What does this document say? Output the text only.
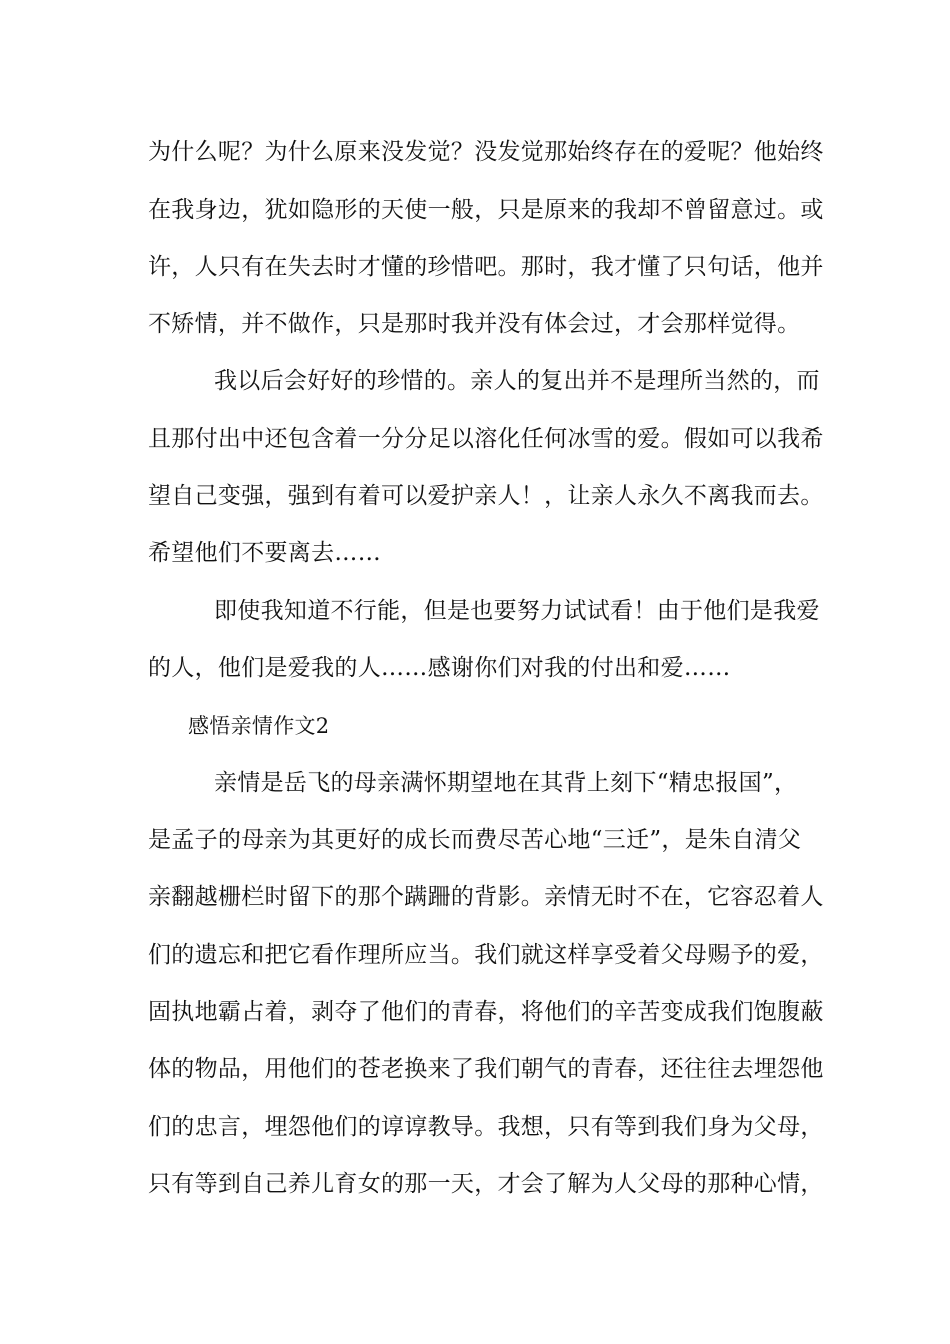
为什么呢？为什么原来没发觉？没发觉那始终存在的爱呢？他始终
在我身边，犹如隐形的天使一般，只是原来的我却不曾留意过。或
许，人只有在失去时才懂的珍惜吧。那时，我才懂了只句话，他并
不矫情，并不做作，只是那时我并没有体会过，才会那样觉得。
我以后会好好的珍惜的。亲人的复出并不是理所当然的，而
且那付出中还包含着一分分足以溶化任何冰雪的爱。假如可以我希
望自己变强，强到有着可以爱护亲人！，让亲人永久不离我而去。
希望他们不要离去……
即使我知道不行能，但是也要努力试试看！由于他们是我爱
的人，他们是爱我的人……感谢你们对我的付出和爱……
感悟亲情作文2
亲情是岳飞的母亲满怀期望地在其背上刻下“精忠报国”，
是孟子的母亲为其更好的成长而费尽苦心地“三迁”，是朱自清父
亲翻越栅栏时留下的那个蹒跚的背影。亲情无时不在，它容忍着人
们的遗忘和把它看作理所应当。我们就这样享受着父母赐予的爱，
固执地霸占着，剥夺了他们的青春，将他们的辛苦变成我们饱腹蔽
体的物品，用他们的苍老换来了我们朝气的青春，还往往去埋怨他
们的忠言，埋怨他们的谆谆教导。我想，只有等到我们身为父母，
只有等到自己养儿育女的那一天，才会了解为人父母的那种心情，
